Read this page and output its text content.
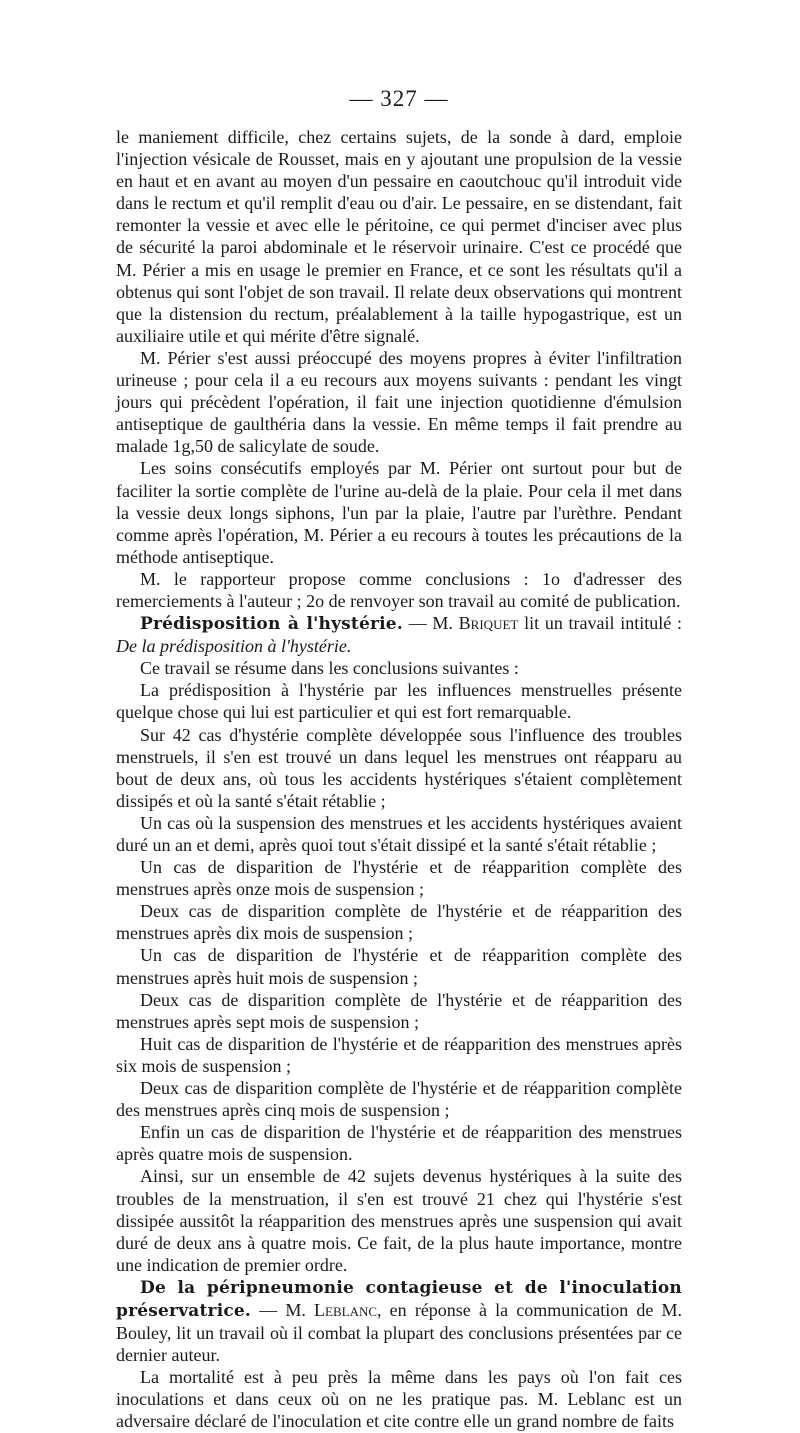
— 327 —

le maniement difficile, chez certains sujets, de la sonde à dard, emploie l'injection vésicale de Rousset, mais en y ajoutant une propulsion de la vessie en haut et en avant au moyen d'un pessaire en caoutchouc qu'il introduit vide dans le rectum et qu'il remplit d'eau ou d'air. Le pessaire, en se distendant, fait remonter la vessie et avec elle le péritoine, ce qui permet d'inciser avec plus de sécurité la paroi abdominale et le réservoir urinaire. C'est ce procédé que M. Périer a mis en usage le premier en France, et ce sont les résultats qu'il a obtenus qui sont l'objet de son travail. Il relate deux observations qui montrent que la distension du rectum, préalablement à la taille hypogastrique, est un auxiliaire utile et qui mérite d'être signalé.

M. Périer s'est aussi préoccupé des moyens propres à éviter l'infiltration urineuse ; pour cela il a eu recours aux moyens suivants : pendant les vingt jours qui précèdent l'opération, il fait une injection quotidienne d'émulsion antiseptique de gaulthéria dans la vessie. En même temps il fait prendre au malade 1g,50 de salicylate de soude.

Les soins consécutifs employés par M. Périer ont surtout pour but de faciliter la sortie complète de l'urine au-delà de la plaie. Pour cela il met dans la vessie deux longs siphons, l'un par la plaie, l'autre par l'urèthre. Pendant comme après l'opération, M. Périer a eu recours à toutes les précautions de la méthode antiseptique.

M. le rapporteur propose comme conclusions : 1o d'adresser des remerciements à l'auteur ; 2o de renvoyer son travail au comité de publication.

Prédisposition à l'hystérie. — M. Briquet lit un travail intitulé : De la prédisposition à l'hystérie.

Ce travail se résume dans les conclusions suivantes :

La prédisposition à l'hystérie par les influences menstruelles présente quelque chose qui lui est particulier et qui est fort remarquable.

Sur 42 cas d'hystérie complète développée sous l'influence des troubles menstruels, il s'en est trouvé un dans lequel les menstrues ont réapparu au bout de deux ans, où tous les accidents hystériques s'étaient complètement dissipés et où la santé s'était rétablie ;

Un cas où la suspension des menstrues et les accidents hystériques avaient duré un an et demi, après quoi tout s'était dissipé et la santé s'était rétablie ;

Un cas de disparition de l'hystérie et de réapparition complète des menstrues après onze mois de suspension ;

Deux cas de disparition complète de l'hystérie et de réapparition des menstrues après dix mois de suspension ;

Un cas de disparition de l'hystérie et de réapparition complète des menstrues après huit mois de suspension ;

Deux cas de disparition complète de l'hystérie et de réapparition des menstrues après sept mois de suspension ;

Huit cas de disparition de l'hystérie et de réapparition des menstrues après six mois de suspension ;

Deux cas de disparition complète de l'hystérie et de réapparition complète des menstrues après cinq mois de suspension ;

Enfin un cas de disparition de l'hystérie et de réapparition des menstrues après quatre mois de suspension.

Ainsi, sur un ensemble de 42 sujets devenus hystériques à la suite des troubles de la menstruation, il s'en est trouvé 21 chez qui l'hystérie s'est dissipée aussitôt la réapparition des menstrues après une suspension qui avait duré de deux ans à quatre mois. Ce fait, de la plus haute importance, montre une indication de premier ordre.

De la péripneumonie contagieuse et de l'inoculation préservatrice. — M. Leblanc, en réponse à la communication de M. Bouley, lit un travail où il combat la plupart des conclusions présentées par ce dernier auteur.

La mortalité est à peu près la même dans les pays où l'on fait ces inoculations et dans ceux où on ne les pratique pas. M. Leblanc est un adversaire déclaré de l'inoculation et cite contre elle un grand nombre de faits
